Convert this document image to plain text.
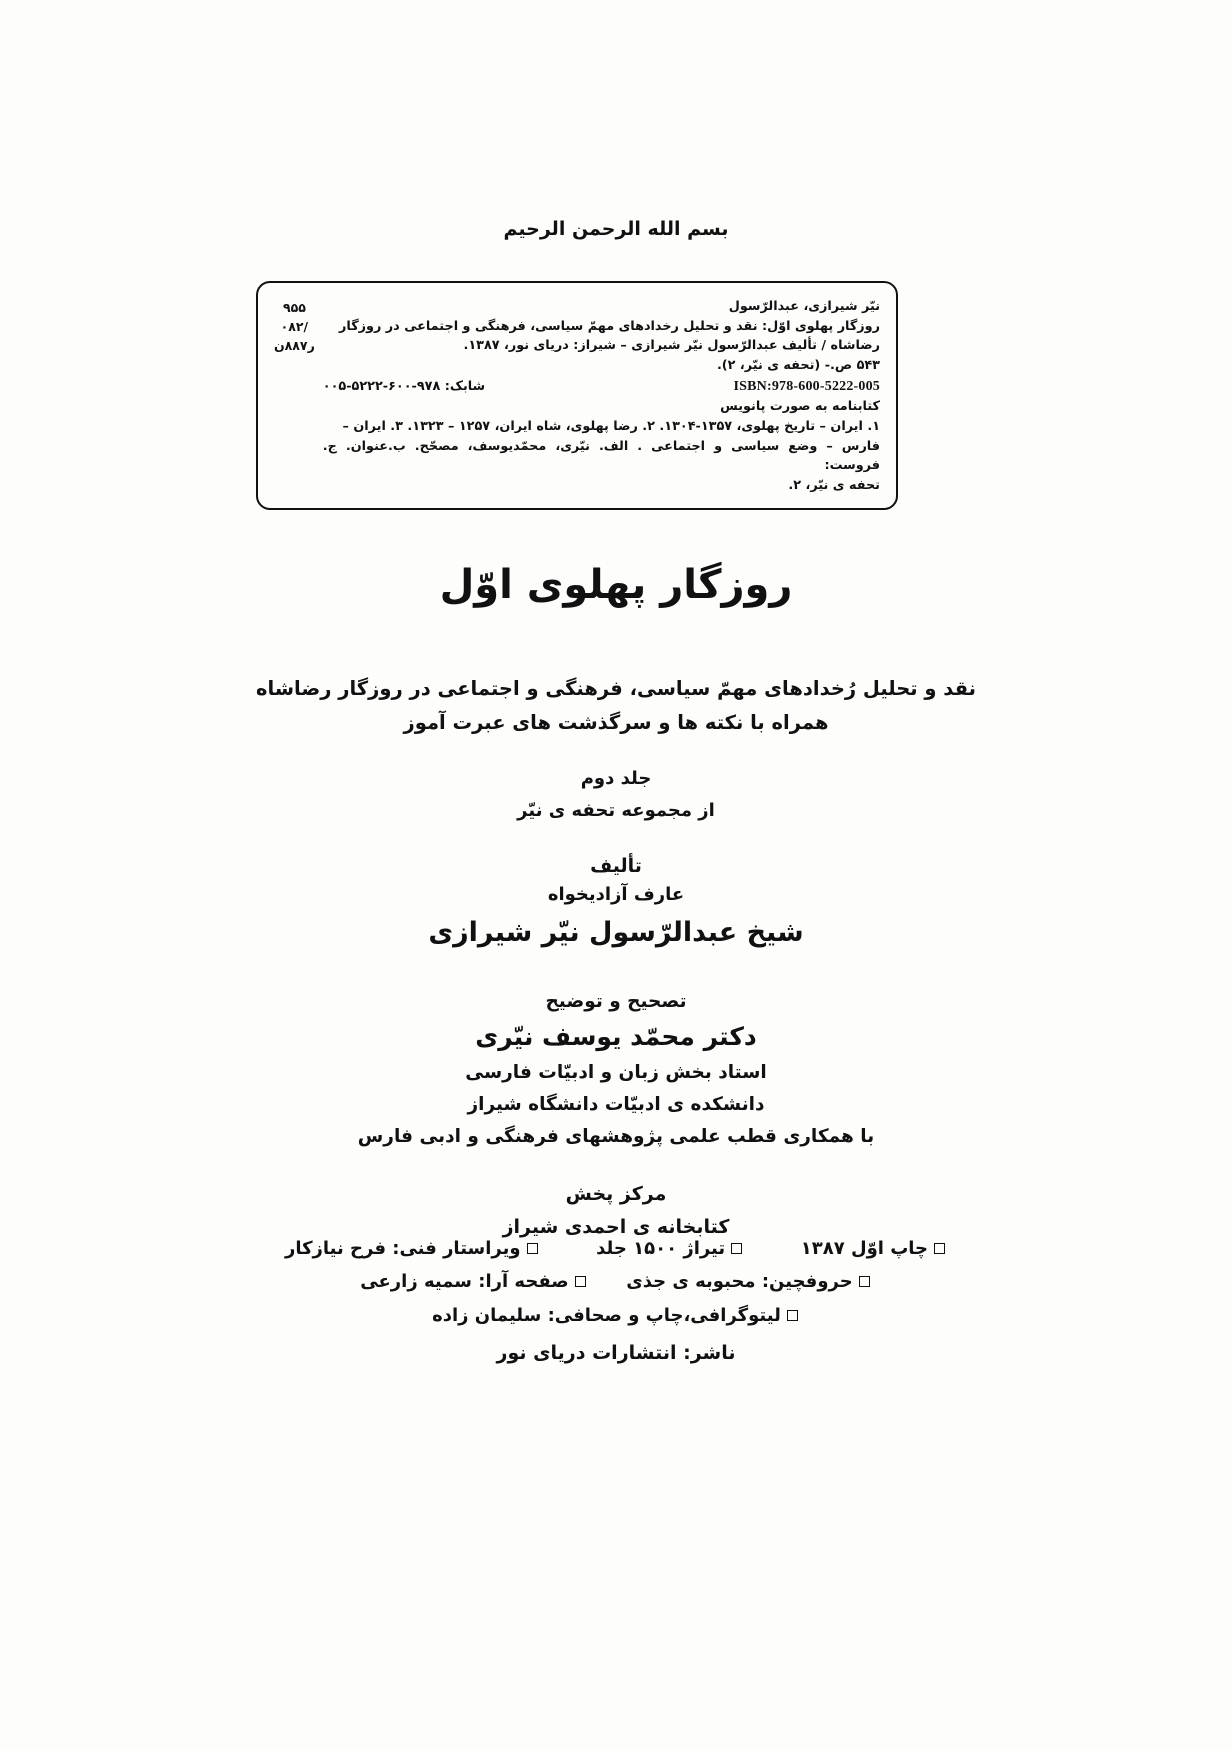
بسم الله الرحمن الرحیم
۹۵۵
/۰۸۲
ر۸۸۷ن
نیّر شیرازی، عبدالرّسول
روزگار پهلوی اوّل: نقد و تحلیل رخدادهای مهمّ سیاسی، فرهنگی و اجتماعی در روزگار
رضاشاه / تألیف عبدالرّسول نیّر شیرازی – شیراز: دریای نور، ۱۳۸۷.
۵۴۳ ص.- (تحفه ی نیّر، ۲).
شابک: ۹۷۸-۶۰۰-۵۲۲۲-۰۰۵	ISBN:978-600-5222-005
کتابنامه به صورت پانویس
۱. ایران – تاریخ پهلوی، ۱۳۵۷-۱۳۰۴. ۲. رضا پهلوی، شاه ایران، ۱۲۵۷ – ۱۳۲۳. ۳. ایران –
فارس – وضع سیاسی و اجتماعی . الف. نیّری، محمّدیوسف، مصحّح. ب.عنوان. ج. فروست:
تحفه ی نیّر، ۲.
روزگار پهلوی اوّل
نقد و تحلیل رُخدادهای مهمّ سیاسی، فرهنگی و اجتماعی در روزگار رضاشاه
همراه با نکته ها و سرگذشت های عبرت آموز
جلد دوم
از مجموعه تحفه ی نیّر
تألیف
عارف آزادیخواه
شیخ عبدالرّسول نیّر شیرازی
تصحیح و توضیح
دکتر محمّد یوسف نیّری
استاد بخش زبان و ادبیّات فارسی
دانشکده ی ادبیّات دانشگاه شیراز
با همکاری قطب علمی پژوهشهای فرهنگی و ادبی فارس
مرکز پخش
کتابخانه ی احمدی شیراز
چاپ اوّل ۱۳۸۷  تیراژ ۱۵۰۰ جلد  ویراستار فنی: فرح نیازکار
حروفچین: محبوبه ی جذی  صفحه آرا: سمیه زارعی
لیتوگرافی،چاپ و صحافی: سلیمان زاده
ناشر: انتشارات دریای نور
